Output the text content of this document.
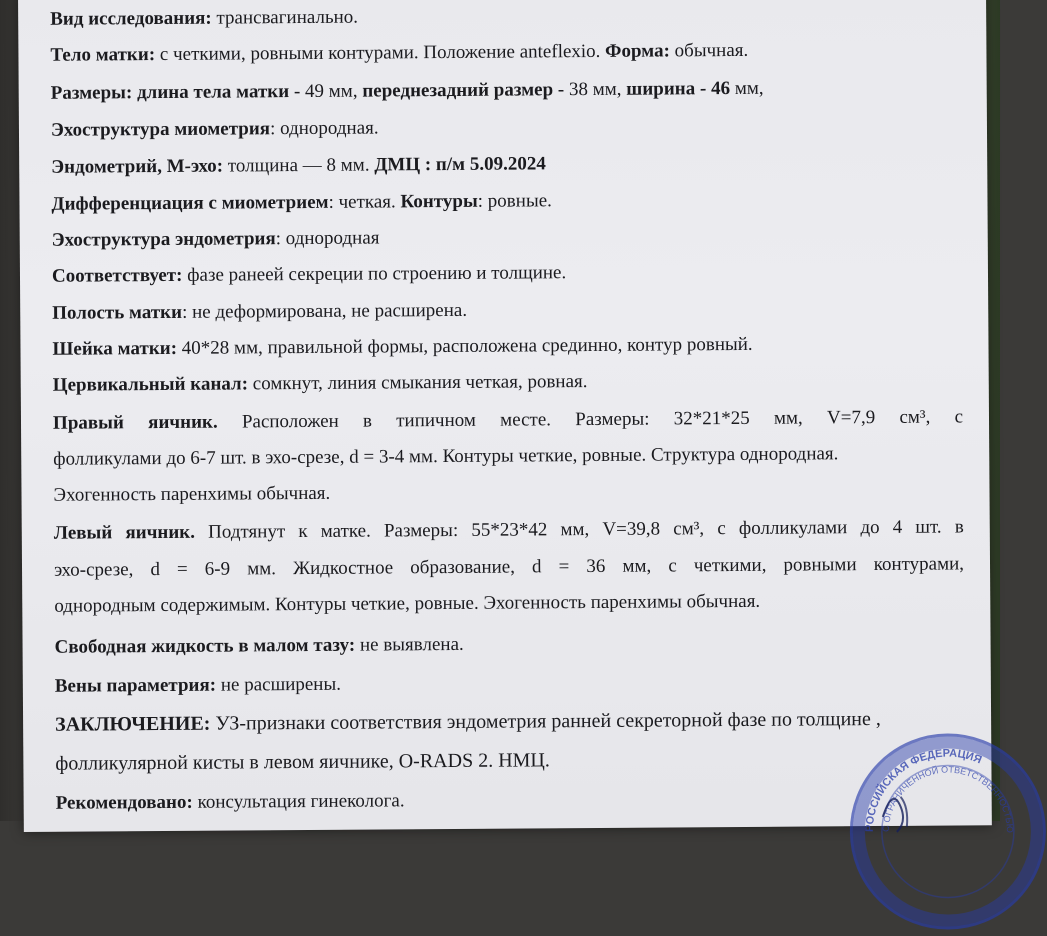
Вид исследования: трансвагинально.
Тело матки: с четкими, ровными контурами. Положение anteflexio. Форма: обычная.
Размеры: длина тела матки - 49 мм, переднезадний размер - 38 мм, ширина - 46 мм,
Эхоструктура миометрия: однородная.
Эндометрий, М-эхо: толщина — 8 мм. ДМЦ : п/м 5.09.2024
Дифференциация с миометрием: четкая. Контуры: ровные.
Эхоструктура эндометрия: однородная
Соответствует: фазе ранеей секреции по строению и толщине.
Полость матки: не деформирована, не расширена.
Шейка матки: 40*28 мм, правильной формы, расположена срединно, контур ровный.
Цервикальный канал: сомкнут, линия смыкания четкая, ровная.
Правый яичник. Расположен в типичном месте. Размеры: 32*21*25 мм, V=7,9 см³, с
фолликулами до 6-7 шт. в эхо-срезе, d = 3-4 мм. Контуры четкие, ровные. Структура однородная.
Эхогенность паренхимы обычная.
Левый яичник. Подтянут к матке. Размеры: 55*23*42 мм, V=39,8 см³, с фолликулами до 4 шт. в
эхо-срезе, d = 6-9 мм. Жидкостное образование, d = 36 мм, с четкими, ровными контурами,
однородным содержимым. Контуры четкие, ровные. Эхогенность паренхимы обычная.
Свободная жидкость в малом тазу: не выявлена.
Вены параметрия: не расширены.
ЗАКЛЮЧЕНИЕ: УЗ-признаки соответствия эндометрия ранней секреторной фазе по толщине ,
фолликулярной кисты в левом яичнике, O-RADS 2. НМЦ.
Рекомендовано: консультация гинеколога.
РОССИЙСКАЯ ФЕДЕРАЦИЯ
С ОГРАНИЧЕННОЙ ОТВЕТСТВЕННОСТЬЮ
